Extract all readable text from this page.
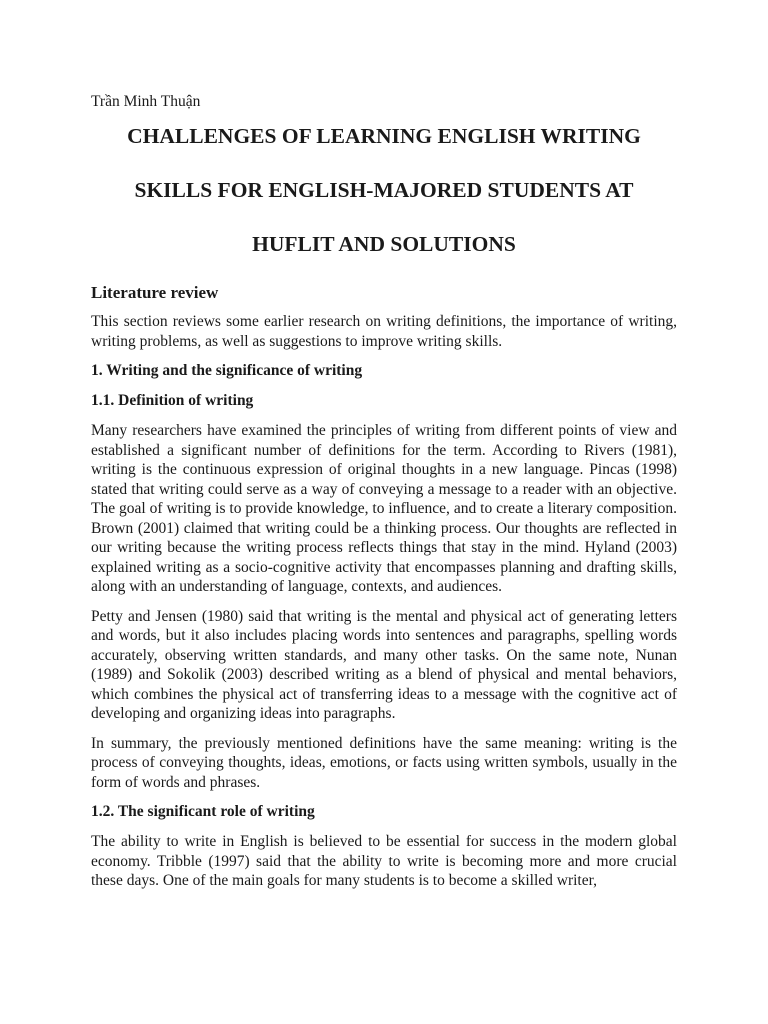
Trần Minh Thuận

CHALLENGES OF LEARNING ENGLISH WRITING

SKILLS FOR ENGLISH-MAJORED STUDENTS AT

HUFLIT AND SOLUTIONS

Literature review

This section reviews some earlier research on writing definitions, the importance of writing, writing problems, as well as suggestions to improve writing skills.

1. Writing and the significance of writing

1.1. Definition of writing

Many researchers have examined the principles of writing from different points of view and established a significant number of definitions for the term. According to Rivers (1981), writing is the continuous expression of original thoughts in a new language. Pincas (1998) stated that writing could serve as a way of conveying a message to a reader with an objective. The goal of writing is to provide knowledge, to influence, and to create a literary composition. Brown (2001) claimed that writing could be a thinking process. Our thoughts are reflected in our writing because the writing process reflects things that stay in the mind. Hyland (2003) explained writing as a socio-cognitive activity that encompasses planning and drafting skills, along with an understanding of language, contexts, and audiences.

Petty and Jensen (1980) said that writing is the mental and physical act of generating letters and words, but it also includes placing words into sentences and paragraphs, spelling words accurately, observing written standards, and many other tasks. On the same note, Nunan (1989) and Sokolik (2003) described writing as a blend of physical and mental behaviors, which combines the physical act of transferring ideas to a message with the cognitive act of developing and organizing ideas into paragraphs.

In summary, the previously mentioned definitions have the same meaning: writing is the process of conveying thoughts, ideas, emotions, or facts using written symbols, usually in the form of words and phrases.

1.2. The significant role of writing

The ability to write in English is believed to be essential for success in the modern global economy. Tribble (1997) said that the ability to write is becoming more and more crucial these days. One of the main goals for many students is to become a skilled writer,
